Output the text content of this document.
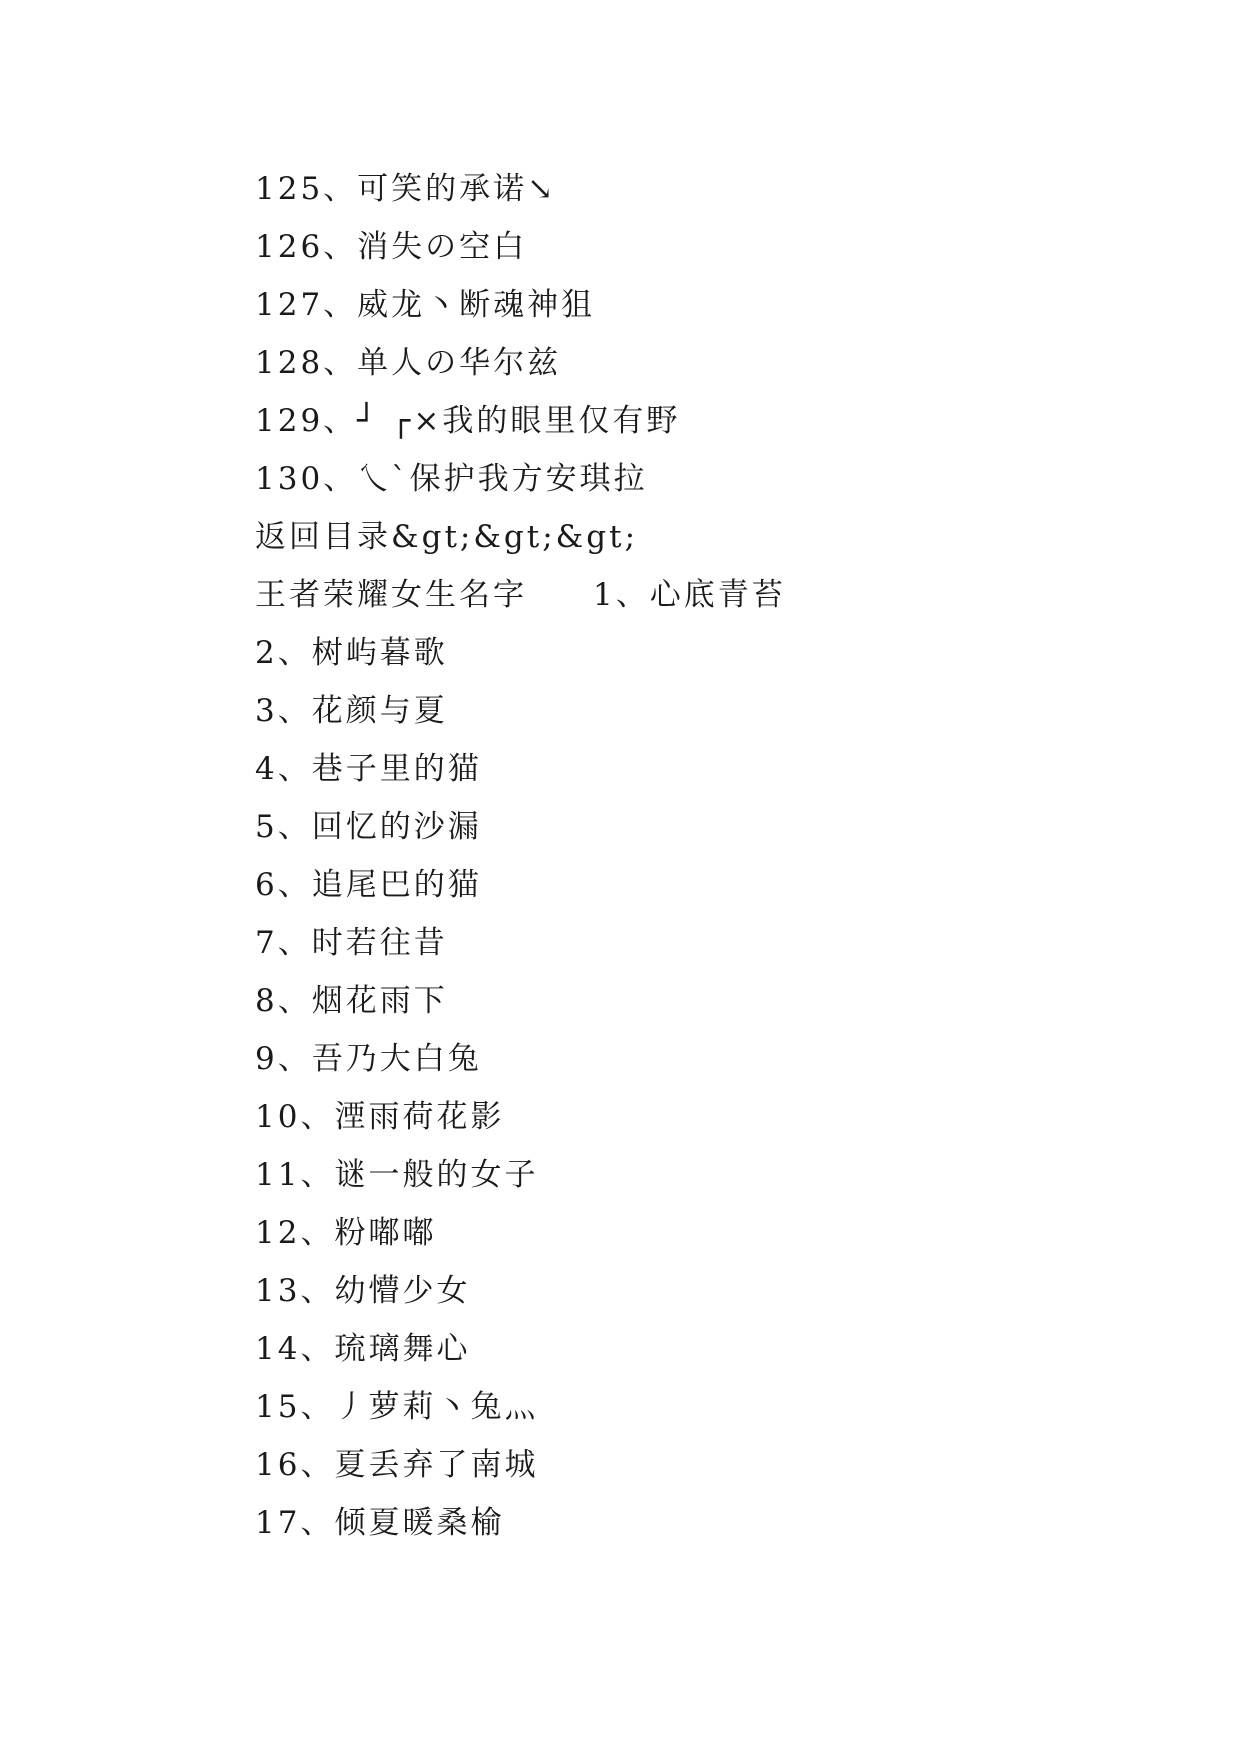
125、可笑的承诺↘
126、消失の空白
127、威龙丶断魂神狙
128、单人の华尔兹
129、┘ ┌×我的眼里仅有野
130、乀`保护我方安琪拉
返回目录&gt;&gt;&gt;
王者荣耀女生名字 1、心底青苔
2、树屿暮歌
3、花颜与夏
4、巷子里的猫
5、回忆的沙漏
6、追尾巴的猫
7、时若往昔
8、烟花雨下
9、吾乃大白兔
10、湮雨荷花影
11、谜一般的女子
12、粉嘟嘟
13、幼懵少女
14、琉璃舞心
15、丿萝莉丶兔灬
16、夏丢弃了南城
17、倾夏暖桑榆
